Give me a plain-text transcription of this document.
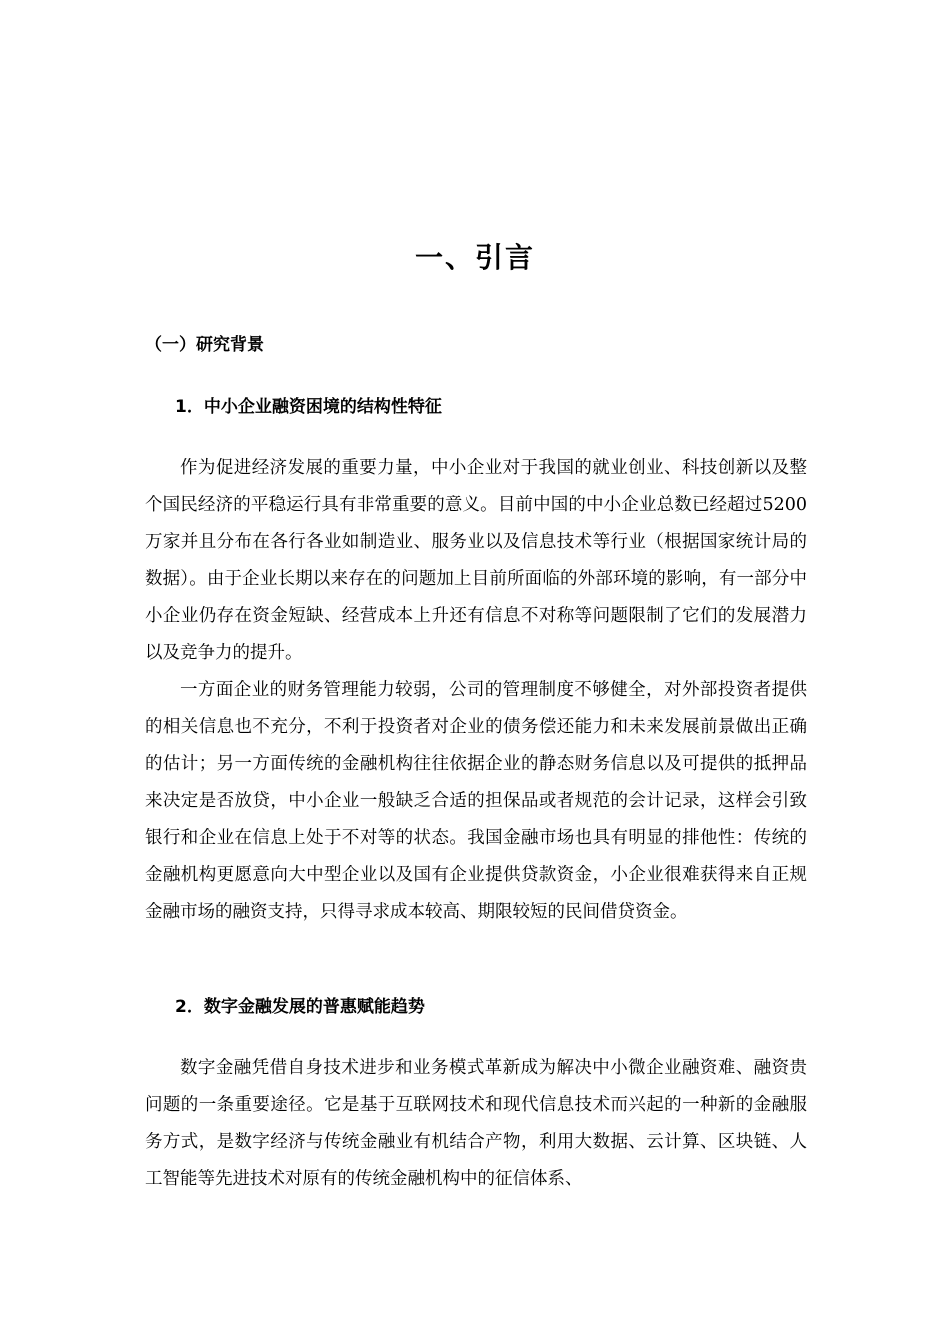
一、引言
（一）研究背景
1．中小企业融资困境的结构性特征

作为促进经济发展的重要力量，中小企业对于我国的就业创业、科技创新以及整个国民经济的平稳运行具有非常重要的意义。目前中国的中小企业总数已经超过5200万家并且分布在各行各业如制造业、服务业以及信息技术等行业（根据国家统计局的数据）。由于企业长期以来存在的问题加上目前所面临的外部环境的影响，有一部分中小企业仍存在资金短缺、经营成本上升还有信息不对称等问题限制了它们的发展潜力以及竞争力的提升。

一方面企业的财务管理能力较弱，公司的管理制度不够健全，对外部投资者提供的相关信息也不充分，不利于投资者对企业的债务偿还能力和未来发展前景做出正确的估计；另一方面传统的金融机构往往依据企业的静态财务信息以及可提供的抵押品来决定是否放贷，中小企业一般缺乏合适的担保品或者规范的会计记录，这样会引致银行和企业在信息上处于不对等的状态。我国金融市场也具有明显的排他性：传统的金融机构更愿意向大中型企业以及国有企业提供贷款资金，小企业很难获得来自正规金融市场的融资支持，只得寻求成本较高、期限较短的民间借贷资金。

2．数字金融发展的普惠赋能趋势

数字金融凭借自身技术进步和业务模式革新成为解决中小微企业融资难、融资贵问题的一条重要途径。它是基于互联网技术和现代信息技术而兴起的一种新的金融服务方式，是数字经济与传统金融业有机结合产物，利用大数据、云计算、区块链、人工智能等先进技术对原有的传统金融机构中的征信体系、
